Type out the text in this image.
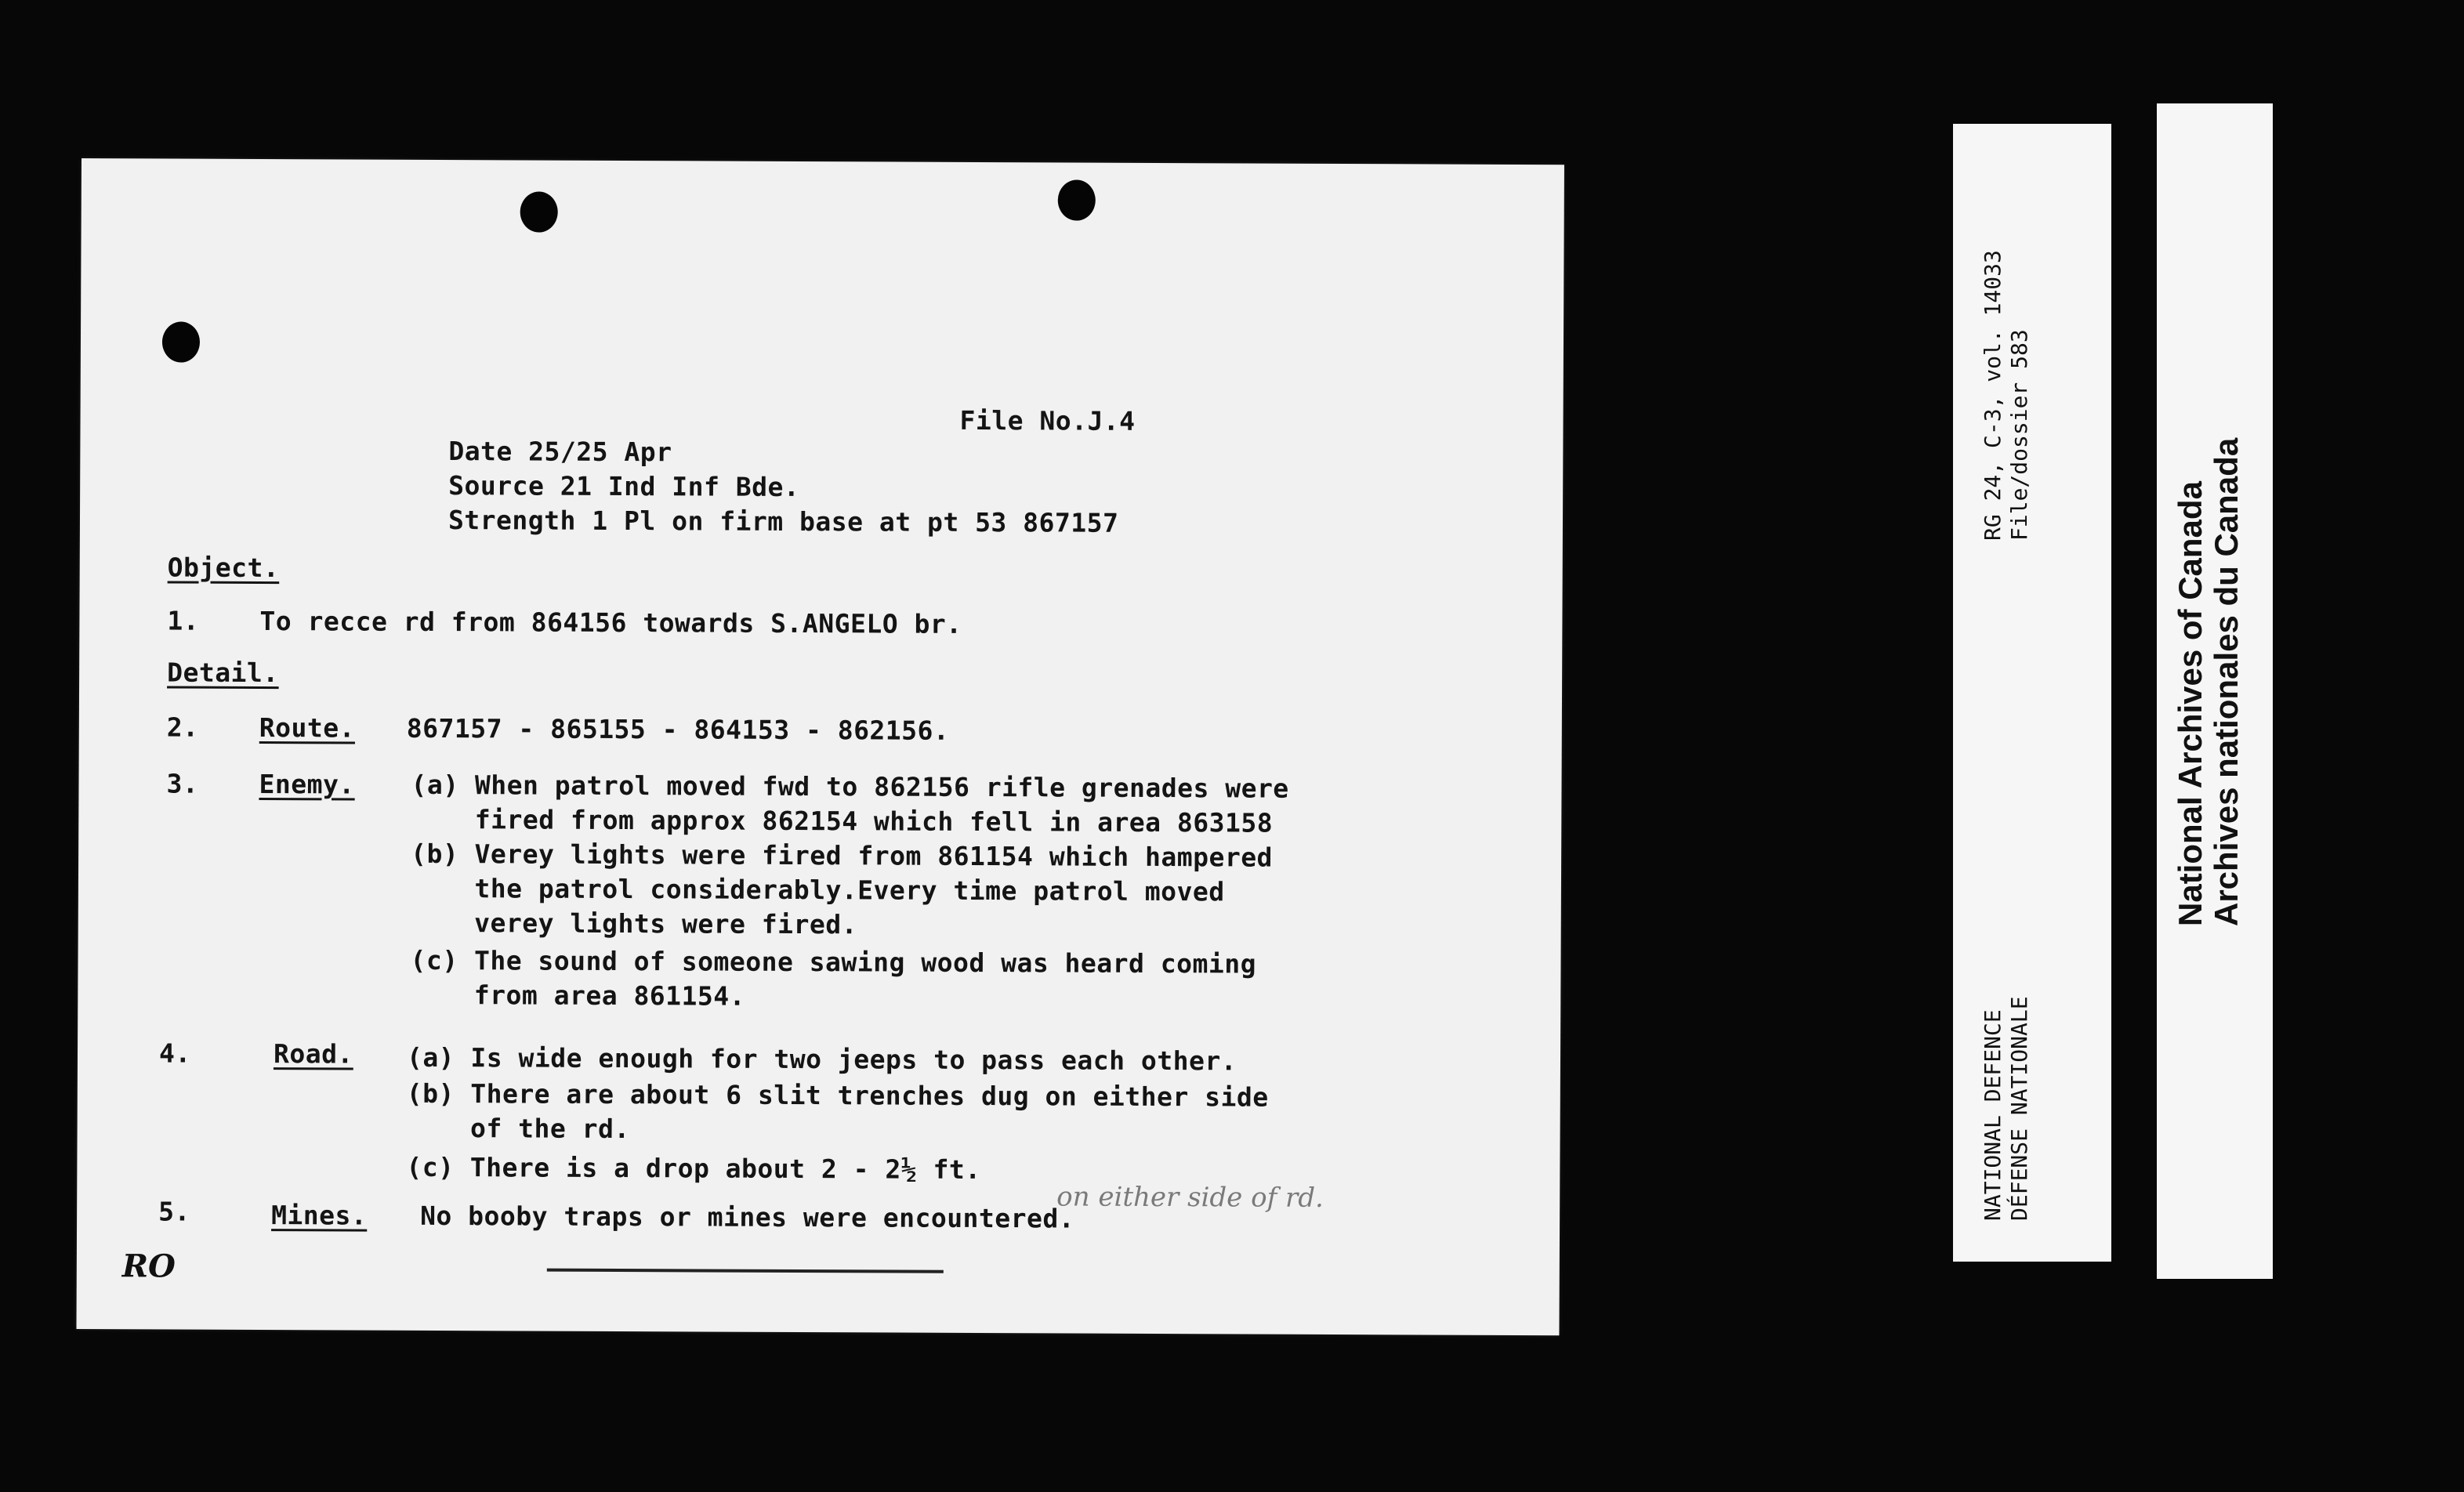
File No.J.4
Date 25/25 Apr
Source 21 Ind Inf Bde.
Strength 1 Pl on firm base at pt 53 867157
Object.
1. To recce rd from 864156 towards S.ANGELO br.
Detail.
2. Route. 867157 - 865155 - 864153 - 862156.
3. Enemy. (a) When patrol moved fwd to 862156 rifle grenades were
fired from approx 862154 which fell in area 863158
(b) Verey lights were fired from 861154 which hampered
the patrol considerably.Every time patrol moved
verey lights were fired.
(c) The sound of someone sawing wood was heard coming
from area 861154.
4.	Road. (a) Is wide enough for two jeeps to pass each other.
(b) There are about 6 slit trenches dug on either side
of the rd.
(c) There is a drop about 2 - 2½ ft.
on either side of rd.
5.	Mines. No booby traps or mines were encountered.
RO
RG 24, C-3, vol. 14033 File/dossier 583
NATIONAL DEFENCE DÉFENSE NATIONALE
National Archives of Canada Archives nationales du Canada
